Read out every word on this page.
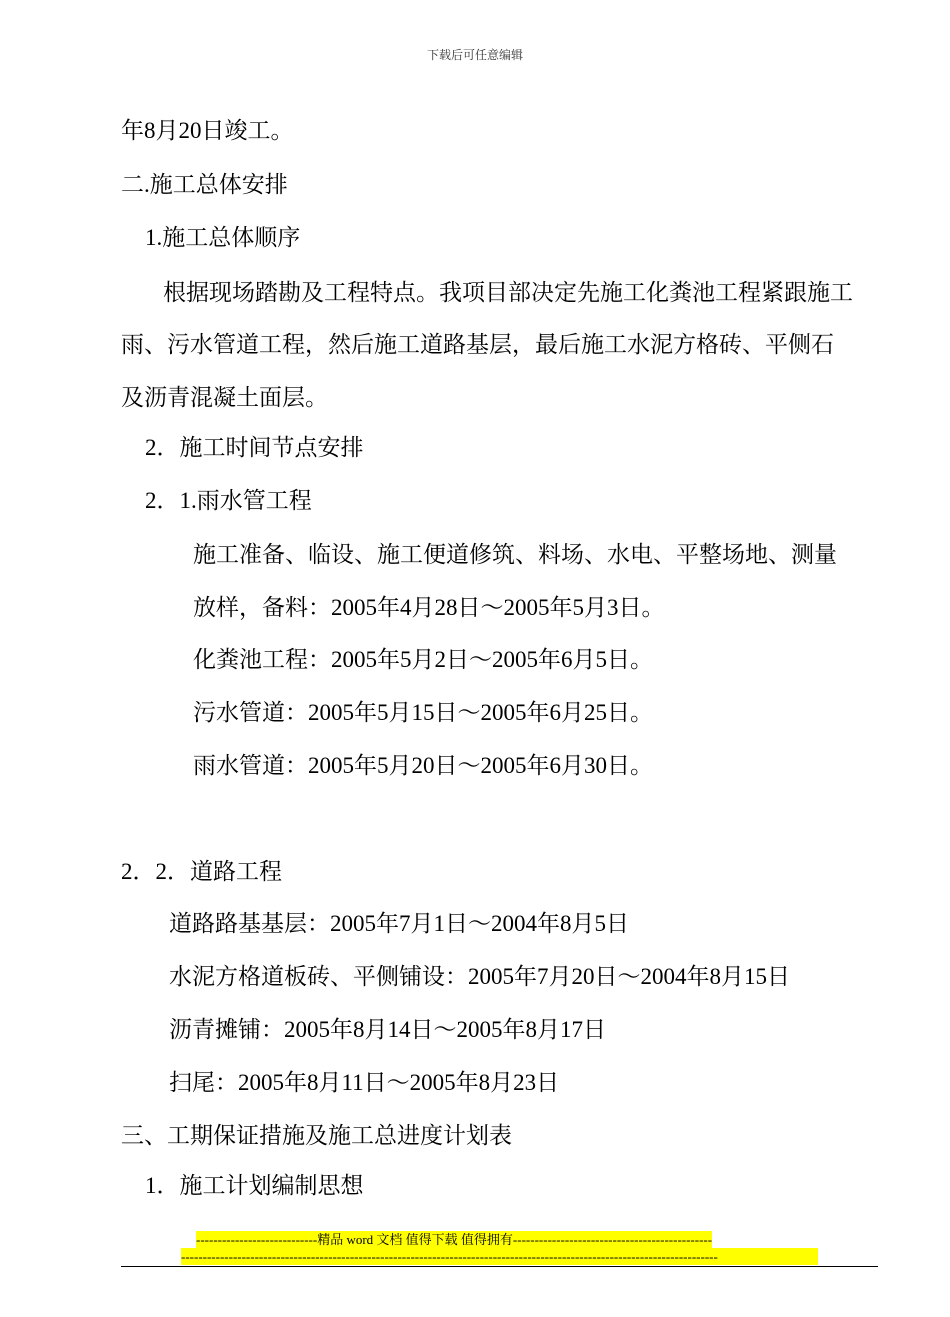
下载后可任意编辑
年8月20日竣工。
二.施工总体安排
1.施工总体顺序
根据现场踏勘及工程特点。我项目部决定先施工化粪池工程紧跟施工
雨、污水管道工程，然后施工道路基层，最后施工水泥方格砖、平侧石
及沥青混凝土面层。
2．施工时间节点安排
2．1.雨水管工程
施工准备、临设、施工便道修筑、料场、水电、平整场地、测量
放样，备料：2005年4月28日～2005年5月3日。
化粪池工程：2005年5月2日～2005年6月5日。
污水管道：2005年5月15日～2005年6月25日。
雨水管道：2005年5月20日～2005年6月30日。
2．2．道路工程
道路路基基层：2005年7月1日～2004年8月5日
水泥方格道板砖、平侧铺设：2005年7月20日～2004年8月15日
沥青摊铺：2005年8月14日～2005年8月17日
扫尾：2005年8月11日～2005年8月23日
三、工期保证措施及施工总进度计划表
1．施工计划编制思想
----------------------------精品 word 文档 值得下载 值得拥有----------------------------------------------
----------------------------------------------------------------------------------------------------------------------------
